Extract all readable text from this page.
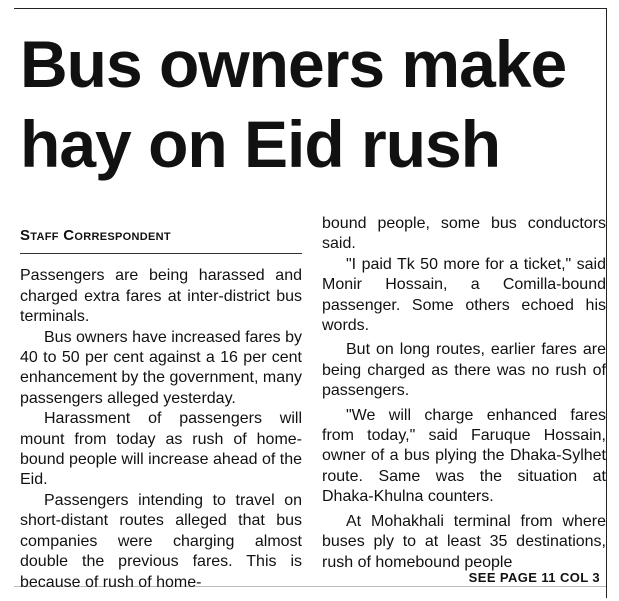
Bus owners make
hay on Eid rush
Staff Correspondent

Passengers are being harassed and charged extra fares at inter-district bus terminals.

Bus owners have increased fares by 40 to 50 per cent against a 16 per cent enhancement by the government, many passengers alleged yesterday.

Harassment of passengers will mount from today as rush of home-bound people will increase ahead of the Eid.

Passengers intending to travel on short-distant routes alleged that bus companies were charging almost double the previous fares. This is because of rush of home-

bound people, some bus conductors said.

"I paid Tk 50 more for a ticket," said Monir Hossain, a Comilla-bound passenger. Some others echoed his words.

But on long routes, earlier fares are being charged as there was no rush of passengers.

"We will charge enhanced fares from today," said Faruque Hossain, owner of a bus plying the Dhaka-Sylhet route. Same was the situation at Dhaka-Khulna counters.

At Mohakhali terminal from where buses ply to at least 35 destinations, rush of homebound people

SEE PAGE 11 COL 3
